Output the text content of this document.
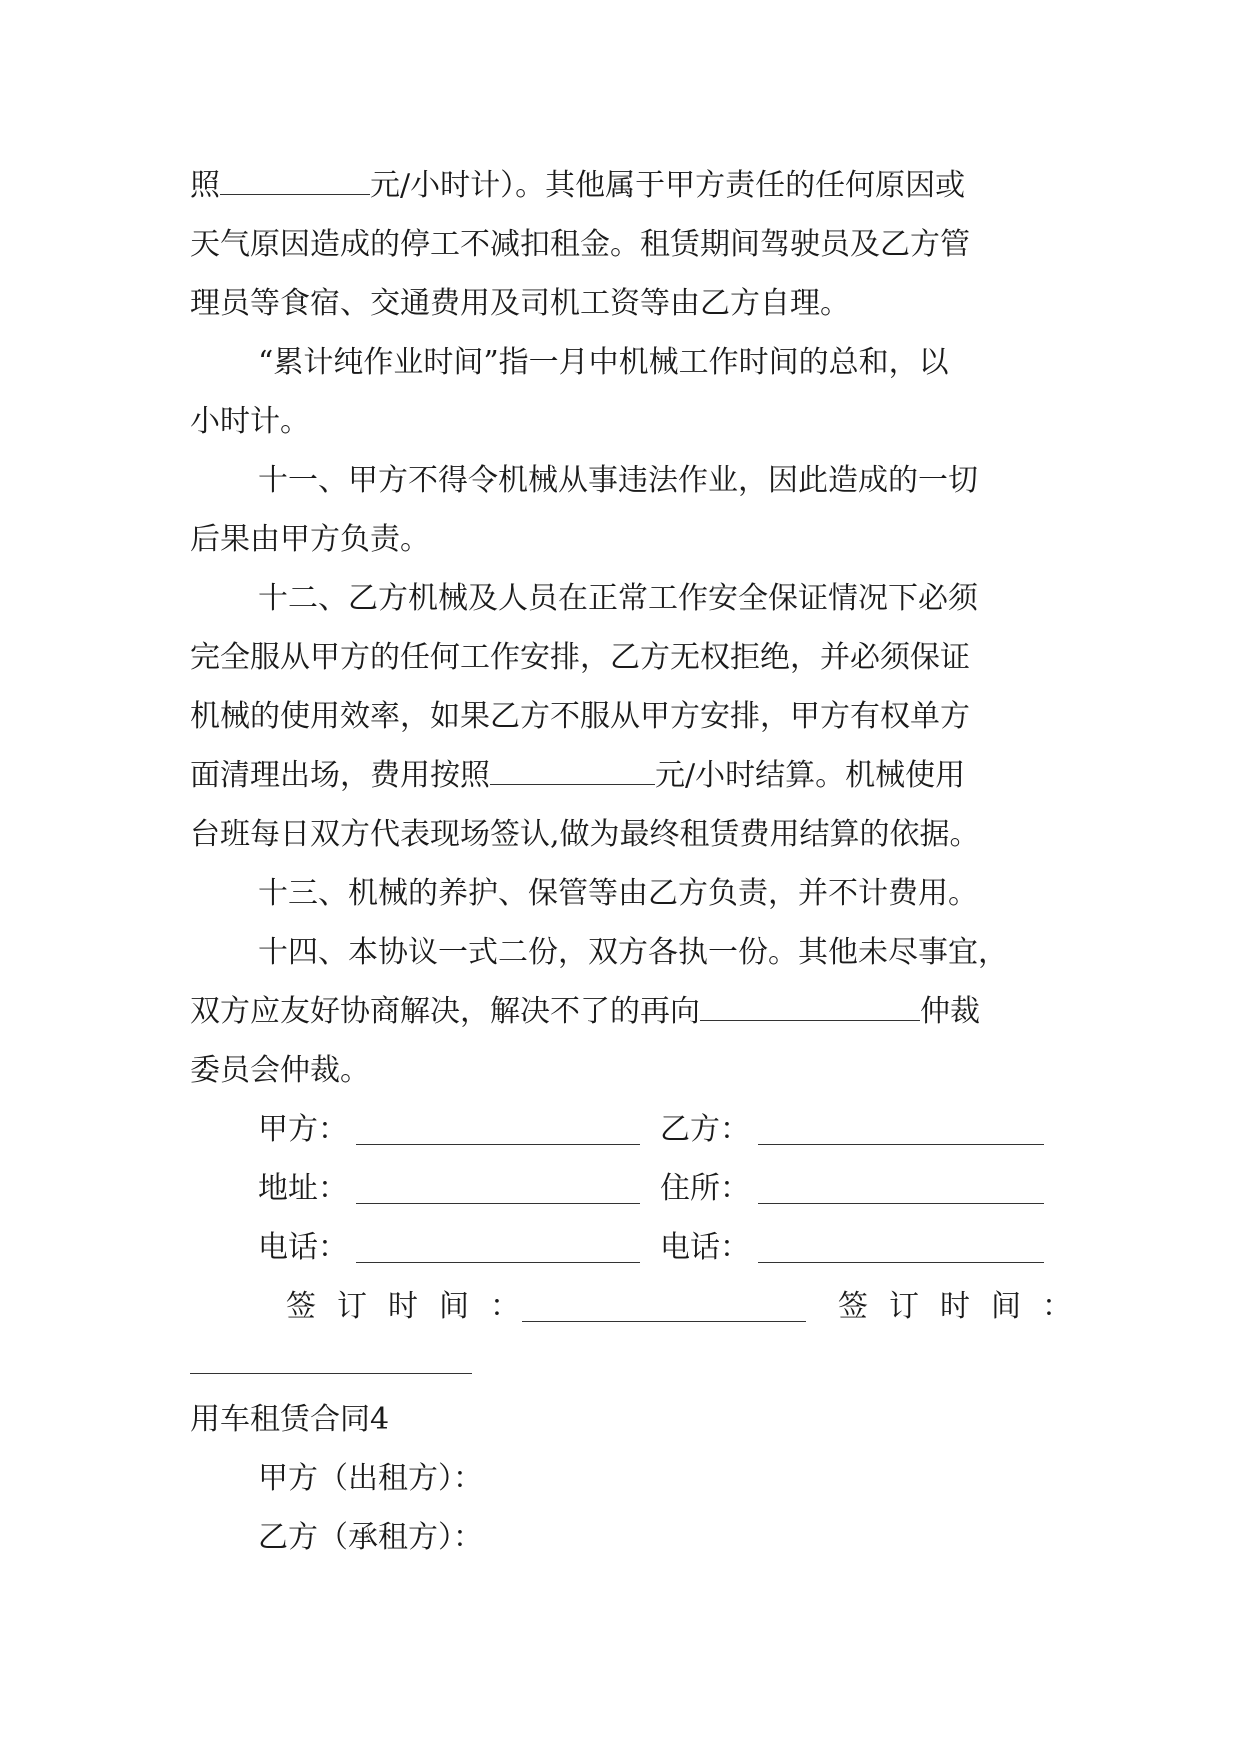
照	元/小时计）。其他属于甲方责任的任何原因或

天气原因造成的停工不减扣租金。租赁期间驾驶员及乙方管

理员等食宿、交通费用及司机工资等由乙方自理。

“累计纯作业时间”指一月中机械工作时间的总和，以

小时计。

十一、甲方不得令机械从事违法作业，因此造成的一切

后果由甲方负责。

十二、乙方机械及人员在正常工作安全保证情况下必须

完全服从甲方的任何工作安排，乙方无权拒绝，并必须保证

机械的使用效率，如果乙方不服从甲方安排，甲方有权单方

面清理出场，费用按照	元/小时结算。机械使用

台班每日双方代表现场签认,做为最终租赁费用结算的依据。

十三、机械的养护、保管等由乙方负责，并不计费用。

十四、本协议一式二份，双方各执一份。其他未尽事宜，

双方应友好协商解决，解决不了的再向	仲裁

委员会仲裁。

甲方：	乙方：
地址：	住所：
电话：	电话：
签订时间：	签订时间：

用车租赁合同4

甲方（出租方）：

乙方（承租方）：
